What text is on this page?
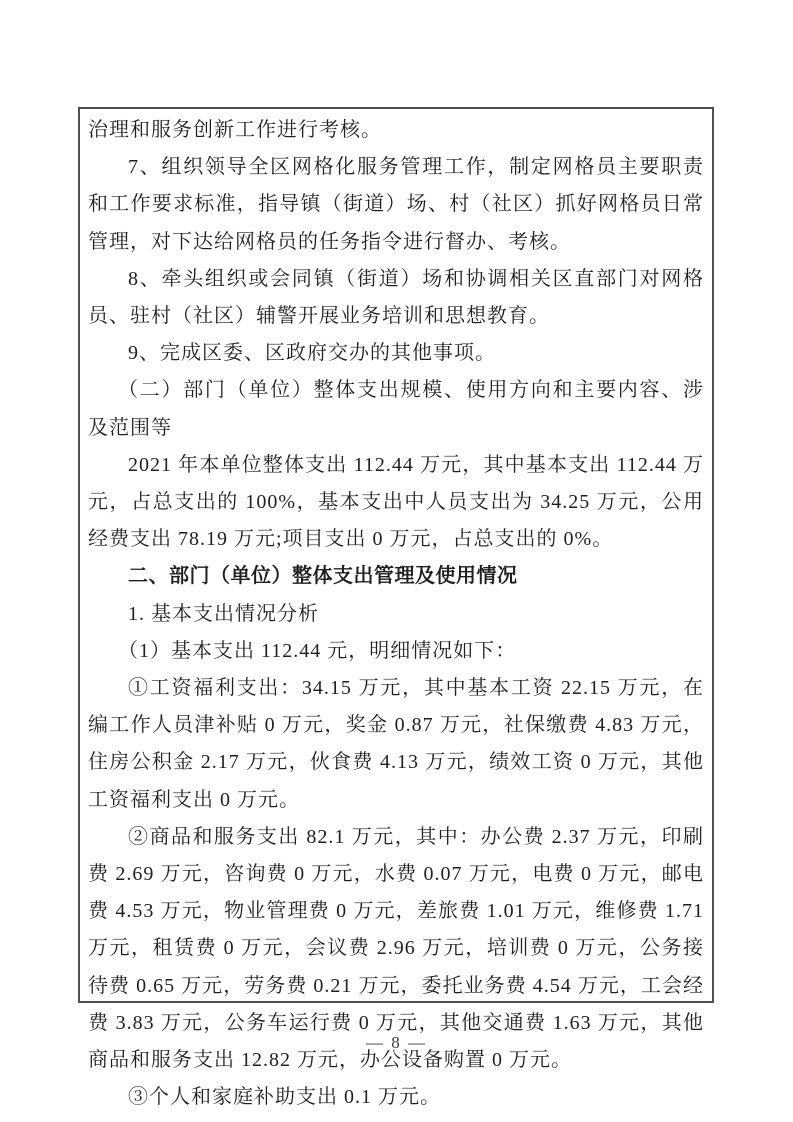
治理和服务创新工作进行考核。

7、组织领导全区网格化服务管理工作，制定网格员主要职责和工作要求标准，指导镇（街道）场、村（社区）抓好网格员日常管理，对下达给网格员的任务指令进行督办、考核。

8、牵头组织或会同镇（街道）场和协调相关区直部门对网格员、驻村（社区）辅警开展业务培训和思想教育。

9、完成区委、区政府交办的其他事项。

（二）部门（单位）整体支出规模、使用方向和主要内容、涉及范围等

2021 年本单位整体支出 112.44 万元，其中基本支出 112.44 万元，占总支出的 100%，基本支出中人员支出为 34.25 万元，公用经费支出 78.19 万元;项目支出 0 万元，占总支出的 0%。

二、部门（单位）整体支出管理及使用情况

1. 基本支出情况分析

（1）基本支出 112.44 元，明细情况如下：

①工资福利支出：34.15 万元，其中基本工资 22.15 万元，在编工作人员津补贴 0 万元，奖金 0.87 万元，社保缴费 4.83 万元，住房公积金 2.17 万元，伙食费 4.13 万元，绩效工资 0 万元，其他工资福利支出 0 万元。

②商品和服务支出 82.1 万元，其中：办公费 2.37 万元，印刷费 2.69 万元，咨询费 0 万元，水费 0.07 万元，电费 0 万元，邮电费 4.53 万元，物业管理费 0 万元，差旅费 1.01 万元，维修费 1.71 万元，租赁费 0 万元，会议费 2.96 万元，培训费 0 万元，公务接待费 0.65 万元，劳务费 0.21 万元，委托业务费 4.54 万元，工会经费 3.83 万元，公务车运行费 0 万元，其他交通费 1.63 万元，其他商品和服务支出 12.82 万元，办公设备购置 0 万元。

③个人和家庭补助支出 0.1 万元。

— 8 —
